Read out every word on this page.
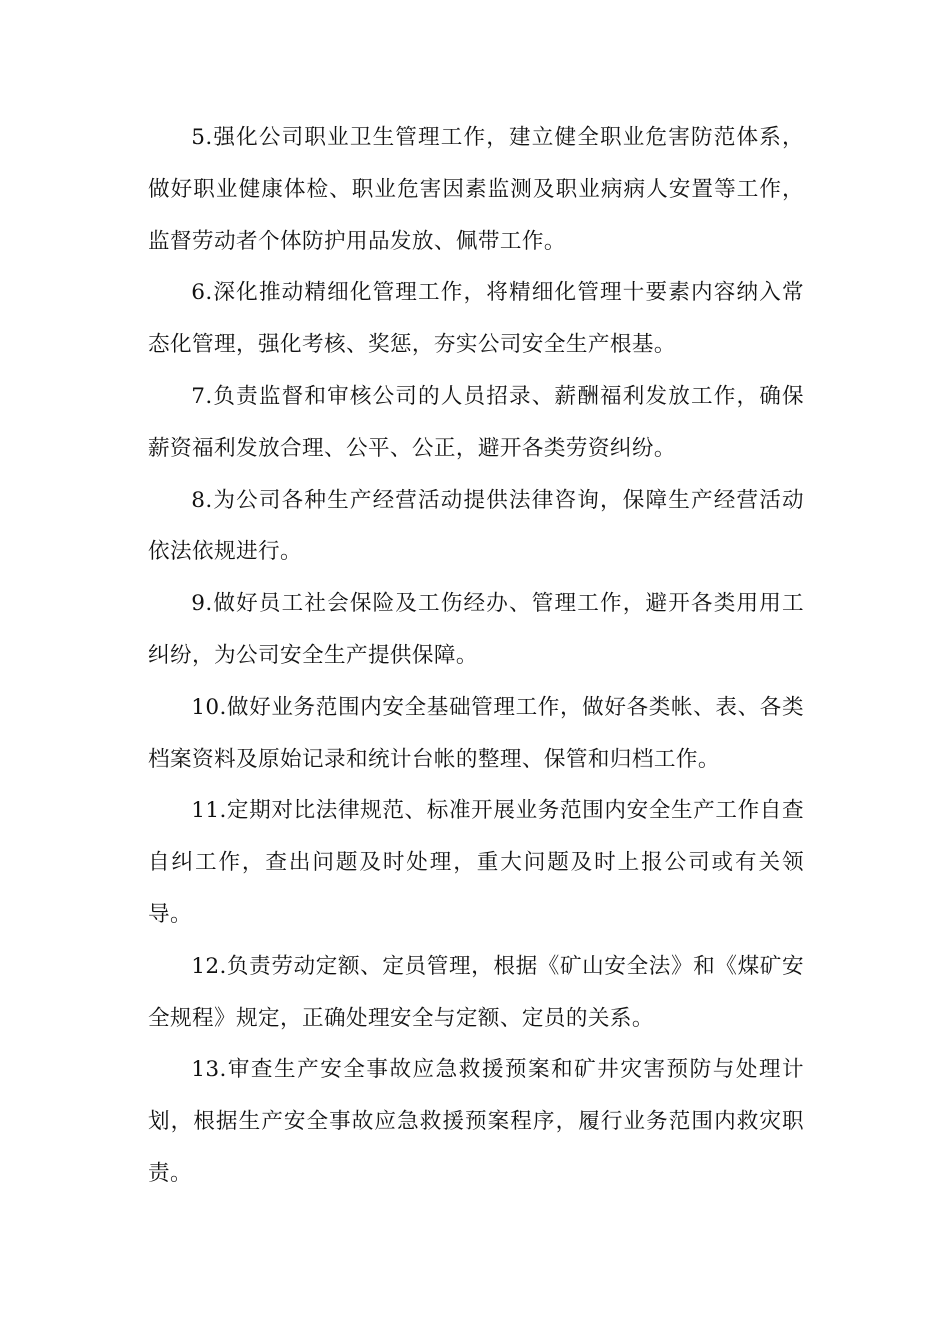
5.强化公司职业卫生管理工作，建立健全职业危害防范体系，做好职业健康体检、职业危害因素监测及职业病病人安置等工作，监督劳动者个体防护用品发放、佩带工作。

6.深化推动精细化管理工作，将精细化管理十要素内容纳入常态化管理，强化考核、奖惩，夯实公司安全生产根基。

7.负责监督和审核公司的人员招录、薪酬福利发放工作，确保薪资福利发放合理、公平、公正，避开各类劳资纠纷。

8.为公司各种生产经营活动提供法律咨询，保障生产经营活动依法依规进行。

9.做好员工社会保险及工伤经办、管理工作，避开各类用用工纠纷，为公司安全生产提供保障。

10.做好业务范围内安全基础管理工作，做好各类帐、表、各类档案资料及原始记录和统计台帐的整理、保管和归档工作。

11.定期对比法律规范、标准开展业务范围内安全生产工作自查自纠工作，查出问题及时处理，重大问题及时上报公司或有关领导。

12.负责劳动定额、定员管理，根据《矿山安全法》和《煤矿安全规程》规定，正确处理安全与定额、定员的关系。

13.审查生产安全事故应急救援预案和矿井灾害预防与处理计划，根据生产安全事故应急救援预案程序，履行业务范围内救灾职责。
